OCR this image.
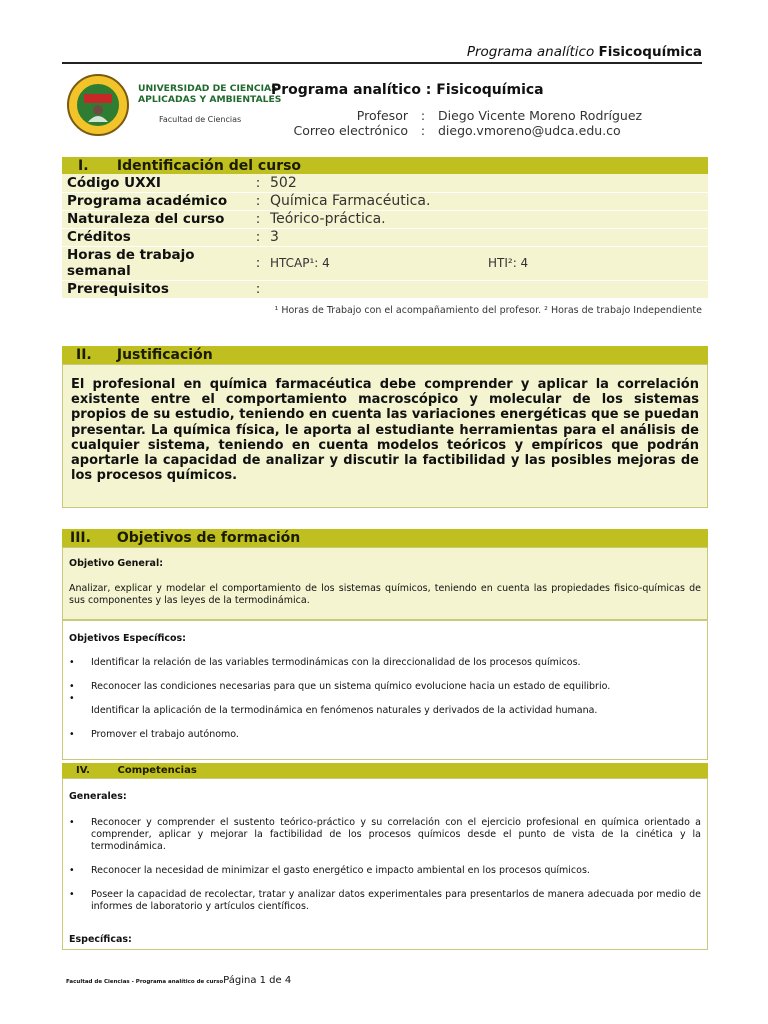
Programa analítico Fisicoquímica
UNIVERSIDAD DE CIENCIAS
APLICADAS Y AMBIENTALES
Facultad de Ciencias
Programa analítico : Fisicoquímica
Profesor	:	Diego Vicente Moreno Rodríguez
Correo electrónico	:	diego.vmoreno@udca.edu.co
I. Identificación del curso
Código UXXI	:	502
Programa académico	:	Química Farmacéutica.
Naturaleza del curso	:	Teórico-práctica.
Créditos	:	3
Horas de trabajo semanal	:	HTCAP¹: 4 HTI²: 4
Prerequisitos	:	
¹ Horas de Trabajo con el acompañamiento del profesor. ² Horas de trabajo Independiente
II. Justificación
El profesional en química farmacéutica debe comprender y aplicar la correlación existente entre el comportamiento macroscópico y molecular de los sistemas propios de su estudio, teniendo en cuenta las variaciones energéticas que se puedan presentar. La química física, le aporta al estudiante herramientas para el análisis de cualquier sistema, teniendo en cuenta modelos teóricos y empíricos que podrán aportarle la capacidad de analizar y discutir la factibilidad y las posibles mejoras de los procesos químicos.
III. Objetivos de formación
Objetivo General:
Analizar, explicar y modelar el comportamiento de los sistemas químicos, teniendo en cuenta las propiedades fisico-químicas de sus componentes y las leyes de la termodinámica.
Objetivos Específicos:
• Identificar la relación de las variables termodinámicas con la direccionalidad de los procesos químicos.
• Reconocer las condiciones necesarias para que un sistema químico evolucione hacia un estado de equilibrio.
•
Identificar la aplicación de la termodinámica en fenómenos naturales y derivados de la actividad humana.
• Promover el trabajo autónomo.
IV.	Competencias
Generales:
• Reconocer y comprender el sustento teórico-práctico y su correlación con el ejercicio profesional en química orientado a comprender, aplicar y mejorar la factibilidad de los procesos químicos desde el punto de vista de la cinética y la termodinámica.
• Reconocer la necesidad de minimizar el gasto energético e impacto ambiental en los procesos químicos.
• Poseer la capacidad de recolectar, tratar y analizar datos experimentales para presentarlos de manera adecuada por medio de informes de laboratorio y artículos científicos.
Específicas:
Facultad de Ciencias - Programa analítico de cursoPágina 1 de 4
